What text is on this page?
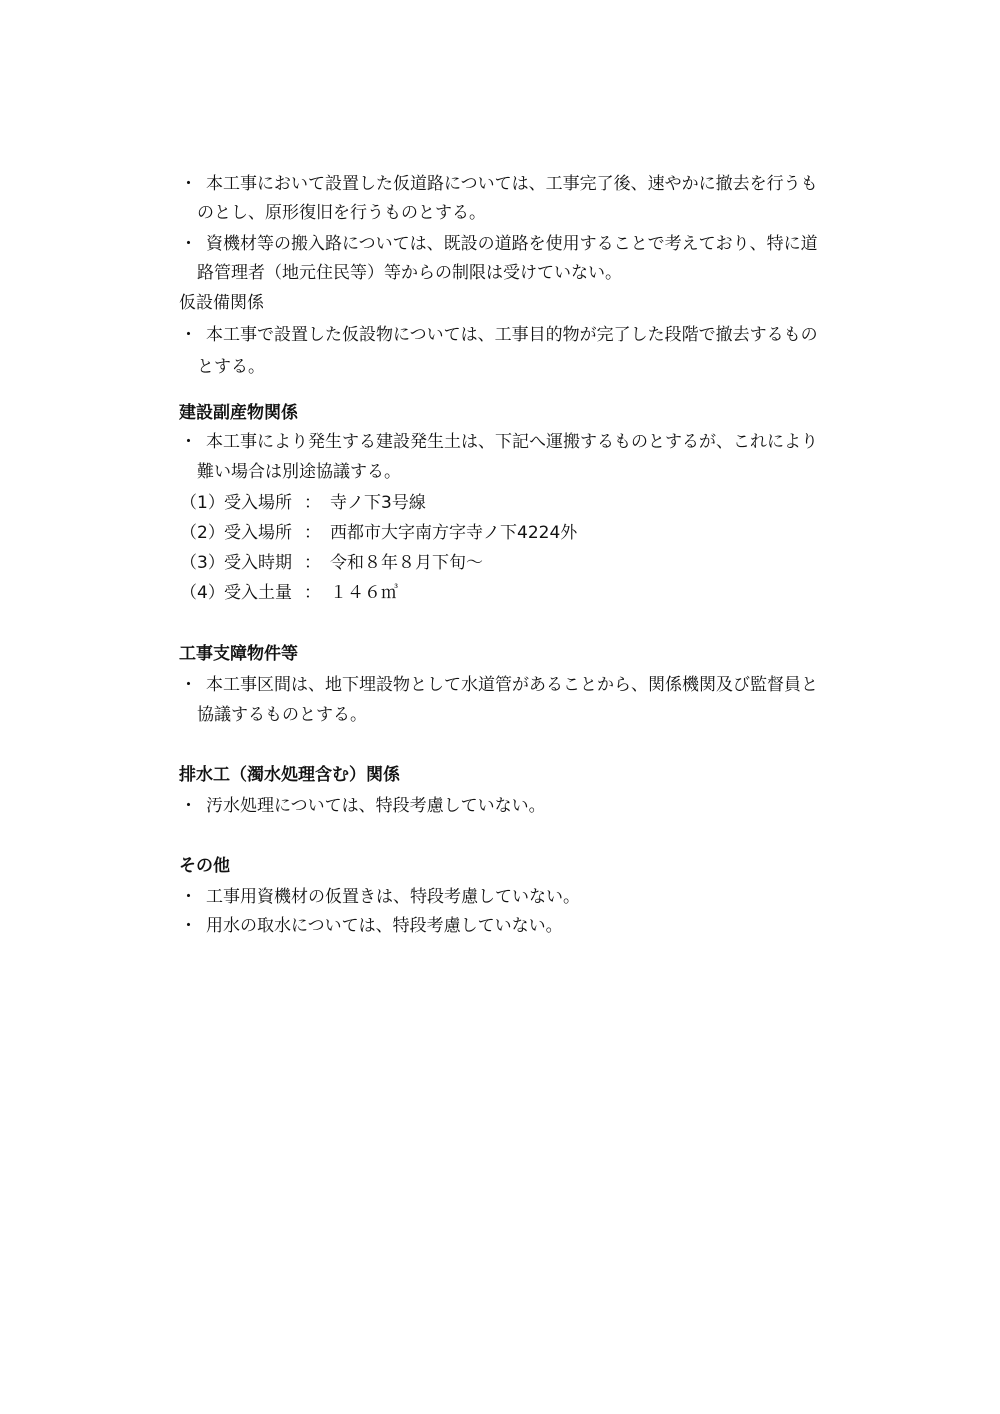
・ 本工事において設置した仮道路については、工事完了後、速やかに撤去を行うも
のとし、原形復旧を行うものとする。
・ 資機材等の搬入路については、既設の道路を使用することで考えており、特に道
路管理者（地元住民等）等からの制限は受けていない。
仮設備関係
・ 本工事で設置した仮設物については、工事目的物が完了した段階で撤去するもの
とする。
建設副産物関係
・ 本工事により発生する建設発生土は、下記へ運搬するものとするが、これにより
難い場合は別途協議する。
（1）受入場所 ： 寺ノ下3号線
（2）受入場所 ： 西都市大字南方字寺ノ下4224外
（3）受入時期 ： 令和８年８月下旬～
（4）受入土量 ： １４６㎥
工事支障物件等
・ 本工事区間は、地下埋設物として水道管があることから、関係機関及び監督員と
協議するものとする。
排水工（濁水処理含む）関係
・ 汚水処理については、特段考慮していない。
その他
・ 工事用資機材の仮置きは、特段考慮していない。
・ 用水の取水については、特段考慮していない。
